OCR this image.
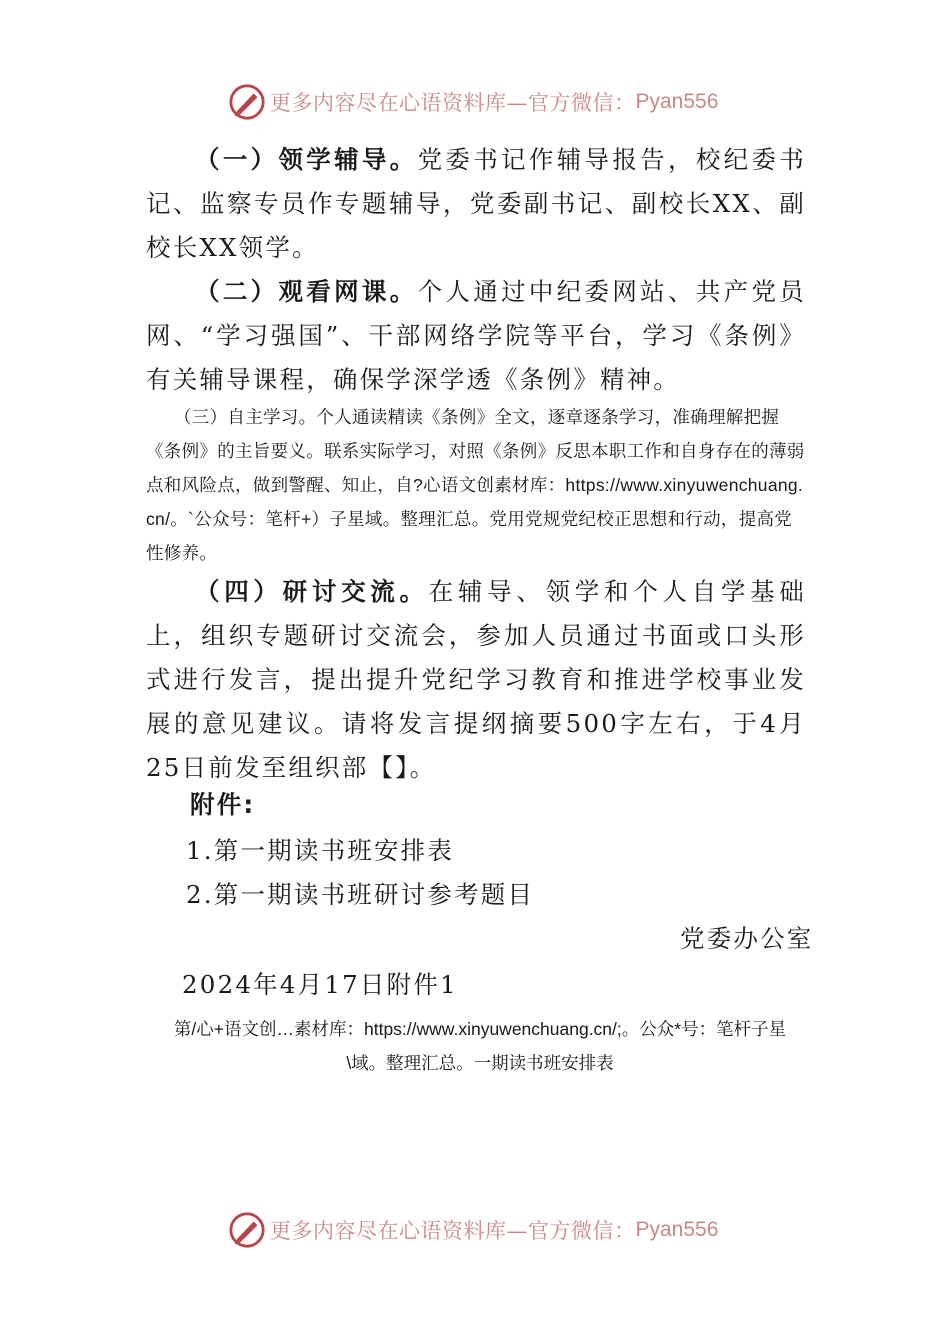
更多内容尽在心语资料库—官方微信： Pyan556

（一）领学辅导。党委书记作辅导报告，校纪委书记、监察专员作专题辅导，党委副书记、副校长XX、副校长XX领学。

（二）观看网课。个人通过中纪委网站、共产党员网、“学习强国”、干部网络学院等平台，学习《条例》有关辅导课程，确保学深学透《条例》精神。

（三）自主学习。个人通读精读《条例》全文，逐章逐条学习，准确理解把握《条例》的主旨要义。联系实际学习，对照《条例》反思本职工作和自身存在的薄弱点和风险点，做到警醒、知止，自?心语文创素材库：https://www.xinyuwenchuang.cn/。`公众号：笔杆+）子星域。整理汇总。党用党规党纪校正思想和行动，提高党性修养。

（四）研讨交流。在辅导、领学和个人自学基础上，组织专题研讨交流会，参加人员通过书面或口头形式进行发言，提出提升党纪学习教育和推进学校事业发展的意见建议。请将发言提纲摘要500字左右，于4月25日前发至组织部【】。

附件:

1.第一期读书班安排表

2.第一期读书班研讨参考题目

党委办公室

2024年4月17日附件1

第/心+语文创…素材库：https://www.xinyuwenchuang.cn/;。公众*号：笔杆子星\域。整理汇总。一期读书班安排表

更多内容尽在心语资料库—官方微信： Pyan556
